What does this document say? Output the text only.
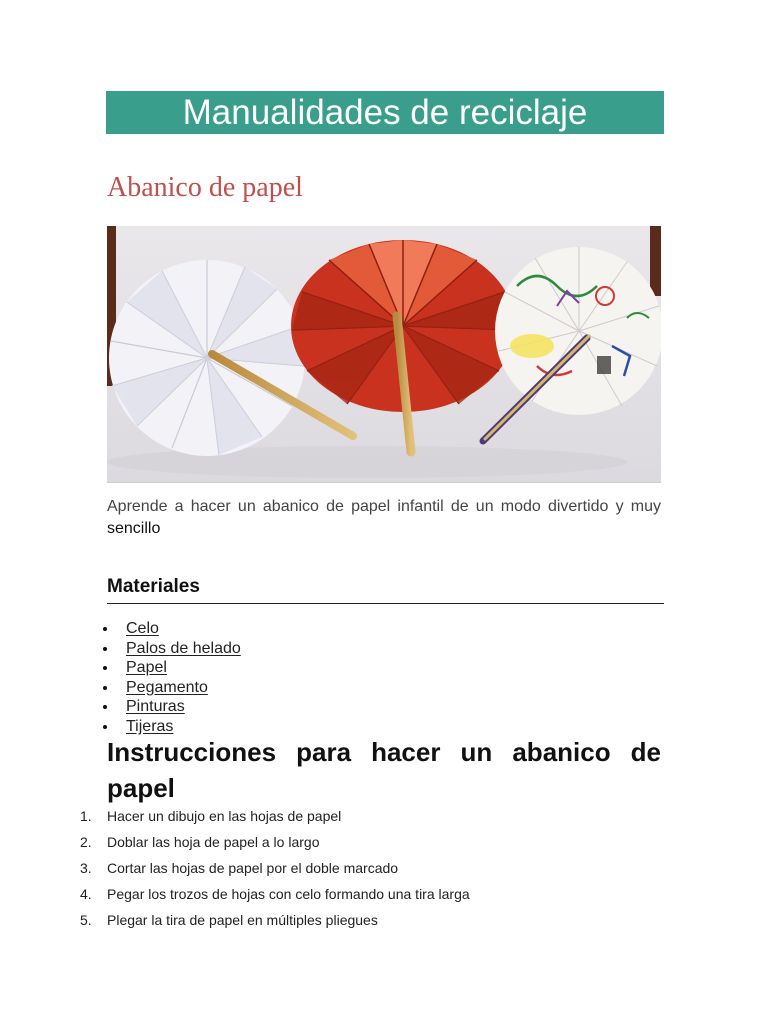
Manualidades de reciclaje
Abanico de papel

Aprende a hacer un abanico de papel infantil de un modo divertido y muy sencillo

Materiales
Celo
Palos de helado
Papel
Pegamento
Pinturas
Tijeras
Instrucciones para hacer un abanico de papel
1.	Hacer un dibujo en las hojas de papel
2.	Doblar las hoja de papel a lo largo
3.	Cortar las hojas de papel por el doble marcado
4.	Pegar los trozos de hojas con celo formando una tira larga
5.	Plegar la tira de papel en múltiples pliegues
